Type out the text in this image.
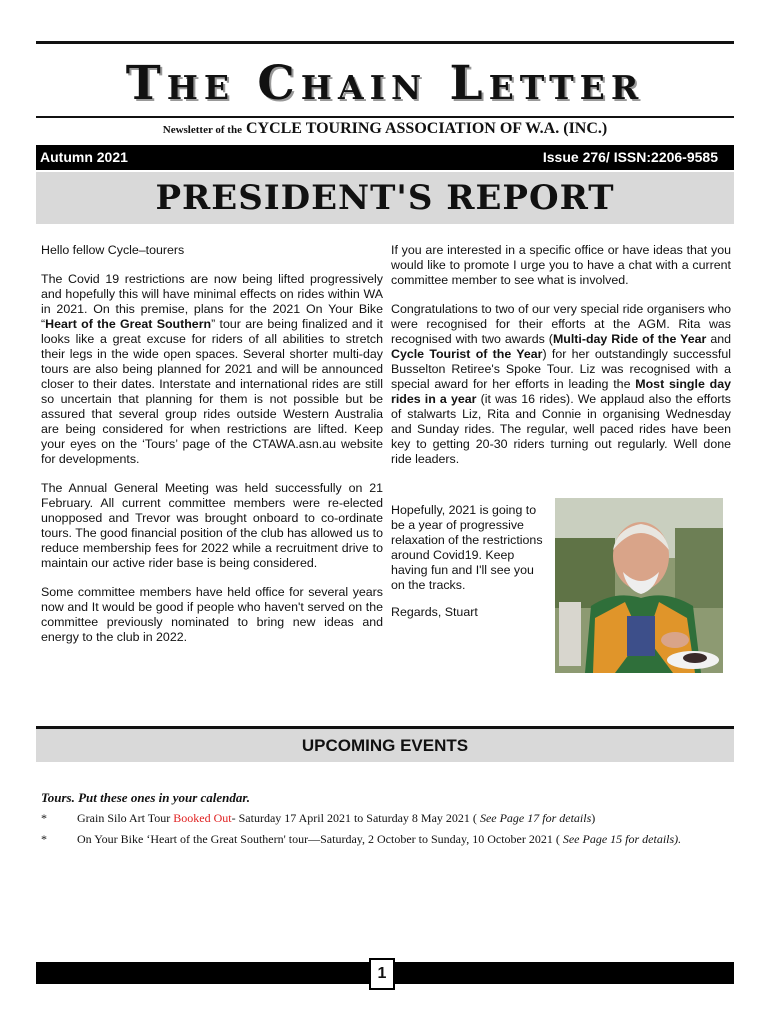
The Chain Letter
Newsletter of the CYCLE TOURING ASSOCIATION OF W.A. (INC.)
Autumn 2021	Issue 276/ ISSN:2206-9585
PRESIDENT'S REPORT

Hello fellow Cycle–tourers

The Covid 19 restrictions are now being lifted progressively and hopefully this will have minimal effects on rides within WA in 2021. On this premise, plans for the 2021 On Your Bike “Heart of the Great Southern” tour are being finalized and it looks like a great excuse for riders of all abilities to stretch their legs in the wide open spaces. Several shorter multi-day tours are also being planned for 2021 and will be announced closer to their dates. Interstate and international rides are still so uncertain that planning for them is not possible but be assured that several group rides outside Western Australia are being considered for when restrictions are lifted. Keep your eyes on the ‘Tours’ page of the CTAWA.asn.au website for developments.

The Annual General Meeting was held successfully on 21 February. All current committee members were re-elected unopposed and Trevor was brought onboard to co-ordinate tours. The good financial position of the club has allowed us to reduce membership fees for 2022 while a recruitment drive to maintain our active rider base is being considered.

Some committee members have held office for several years now and It would be good if people who haven't served on the committee previously nominated to bring new ideas and energy to the club in 2022.

If you are interested in a specific office or have ideas that you would like to promote I urge you to have a chat with a current committee member to see what is involved.

Congratulations to two of our very special ride organisers who were recognised for their efforts at the AGM. Rita was recognised with two awards (Multi-day Ride of the Year and Cycle Tourist of the Year) for her outstandingly successful Busselton Retiree's Spoke Tour. Liz was recognised with a special award for her efforts in leading the Most single day rides in a year (it was 16 rides). We applaud also the efforts of stalwarts Liz, Rita and Connie in organising Wednesday and Sunday rides. The regular, well paced rides have been key to getting 20-30 riders turning out regularly. Well done ride leaders.

Hopefully, 2021 is going to be a year of progressive relaxation of the restrictions around Covid19. Keep having fun and I'll see you on the tracks.

Regards, Stuart

UPCOMING EVENTS
Tours. Put these ones in your calendar.
*	Grain Silo Art Tour Booked Out- Saturday 17 April 2021 to Saturday 8 May 2021 ( See Page 17 for details)
*	On Your Bike ‘Heart of the Great Southern' tour—Saturday, 2 October to Sunday, 10 October 2021 ( See Page 15 for details).
1
